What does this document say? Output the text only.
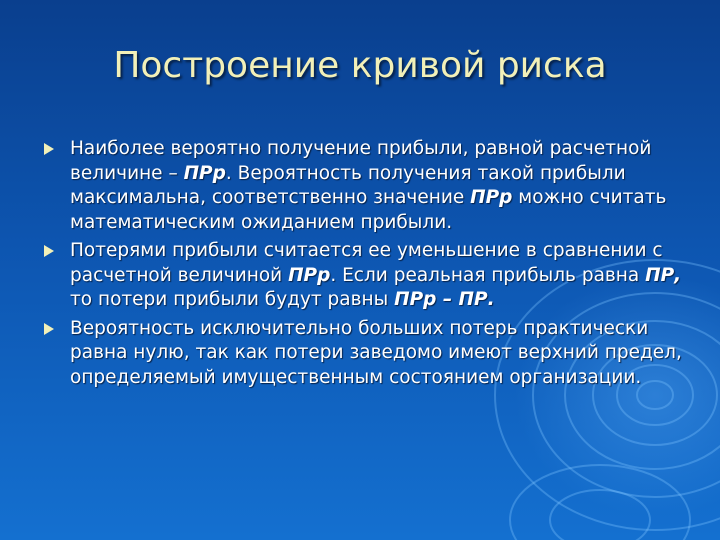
Построение кривой риска
Наиболее вероятно получение прибыли, равной расчетной величине – ПРр. Вероятность получения такой прибыли максимальна, соответственно значение ПРр можно считать математическим ожиданием прибыли.
Потерями прибыли считается ее уменьшение в сравнении с расчетной величиной ПРр. Если реальная прибыль равна ПР, то потери прибыли будут равны ПРр – ПР.
Вероятность исключительно больших потерь практически равна нулю, так как потери заведомо имеют верхний предел, определяемый имущественным состоянием организации.
